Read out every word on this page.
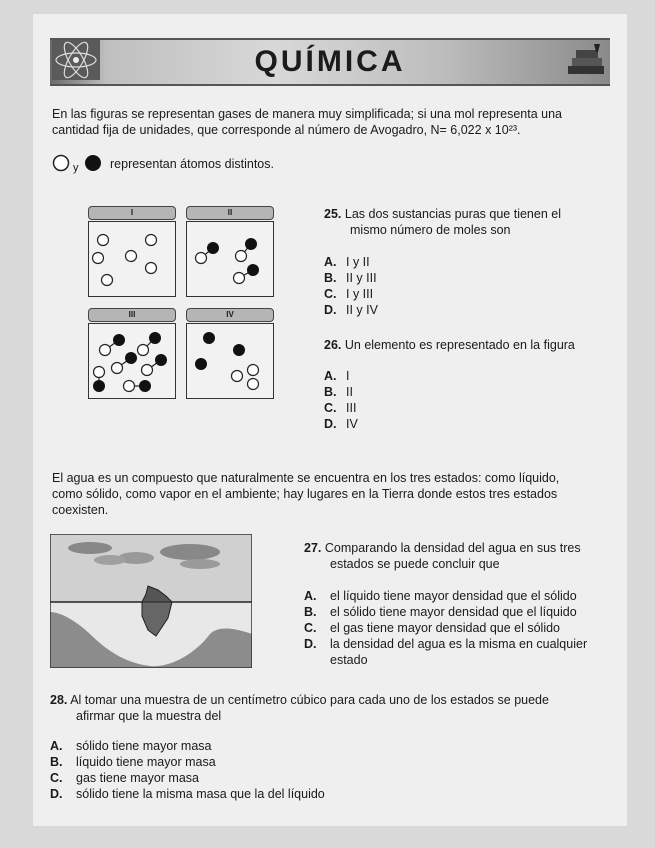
QUÍMICA
En las figuras se representan gases de manera muy simplificada; si una mol representa una cantidad fija de unidades, que corresponde al número de Avogadro, N= 6,022 x 10²³.
y	representan átomos distintos.
I	II
III	IV
25. Las dos sustancias puras que tienen el
mismo número de moles son
A. I y II
B. II y III
C. I y III
D. II y IV
26. Un elemento es representado en la figura
A. I
B. II
C. III
D. IV
El agua es un compuesto que naturalmente se encuentra en los tres estados: como líquido,
como sólido, como vapor en el ambiente; hay lugares en la Tierra donde estos tres estados
coexisten.
27. Comparando la densidad del agua en sus tres
estados se puede concluir que
A. el líquido tiene mayor densidad que el sólido
B. el sólido tiene mayor densidad que el líquido
C. el gas tiene mayor densidad que el sólido
D. la densidad del agua es la misma en cualquier
estado
28. Al tomar una muestra de un centímetro cúbico para cada uno de los estados se puede
afirmar que la muestra del
A. sólido tiene mayor masa
B. líquido tiene mayor masa
C. gas tiene mayor masa
D. sólido tiene la misma masa que la del líquido
